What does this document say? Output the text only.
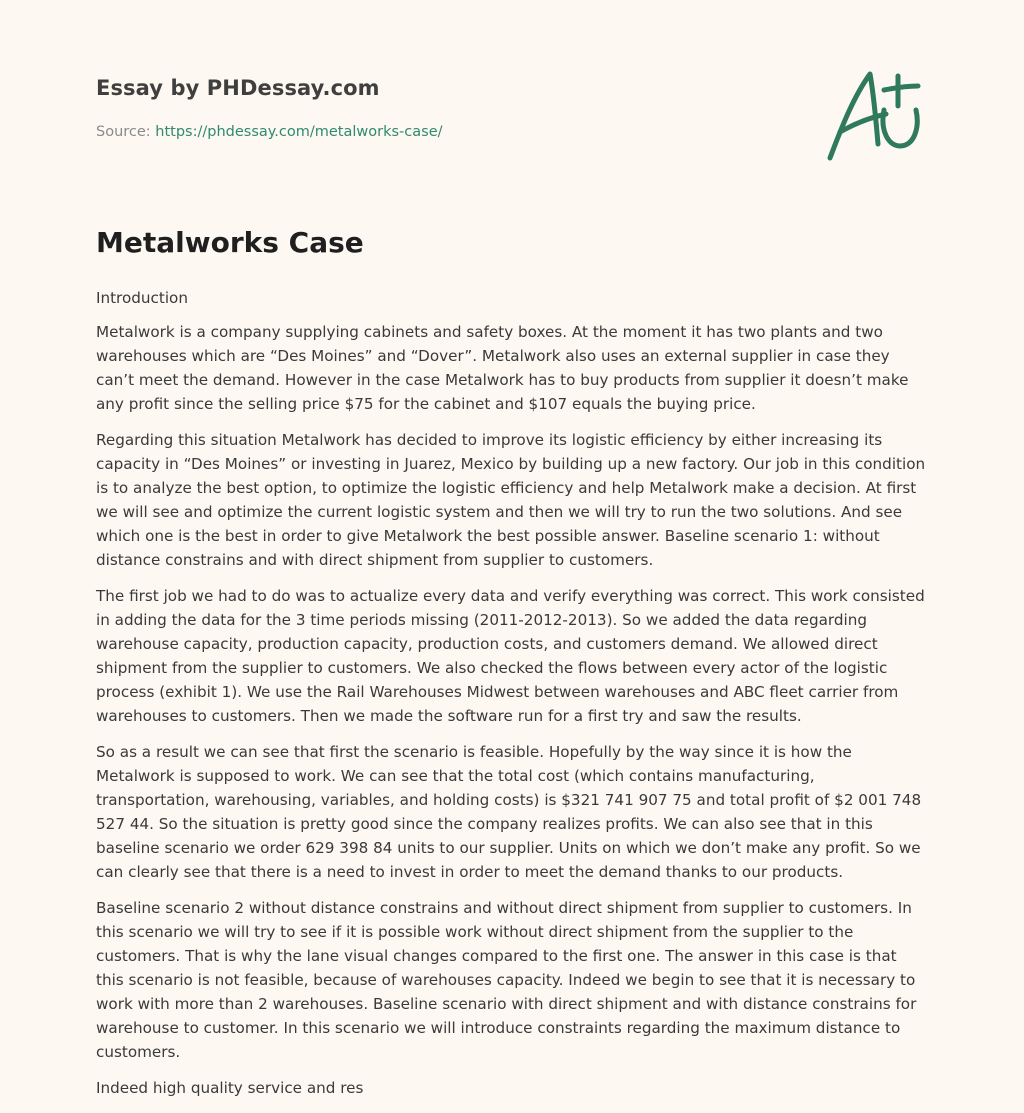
Essay by PHDessay.com
Source: https://phdessay.com/metalworks-case/
Metalworks Case

Introduction

Metalwork is a company supplying cabinets and safety boxes. At the moment it has two plants and two warehouses which are “Des Moines” and “Dover”. Metalwork also uses an external supplier in case they can’t meet the demand. However in the case Metalwork has to buy products from supplier it doesn’t make any profit since the selling price $75 for the cabinet and $107 equals the buying price.

Regarding this situation Metalwork has decided to improve its logistic efficiency by either increasing its capacity in “Des Moines” or investing in Juarez, Mexico by building up a new factory. Our job in this condition is to analyze the best option, to optimize the logistic efficiency and help Metalwork make a decision. At first we will see and optimize the current logistic system and then we will try to run the two solutions. And see which one is the best in order to give Metalwork the best possible answer. Baseline scenario 1: without distance constrains and with direct shipment from supplier to customers.

The first job we had to do was to actualize every data and verify everything was correct. This work consisted in adding the data for the 3 time periods missing (2011-2012-2013). So we added the data regarding warehouse capacity, production capacity, production costs, and customers demand. We allowed direct shipment from the supplier to customers. We also checked the flows between every actor of the logistic process (exhibit 1). We use the Rail Warehouses Midwest between warehouses and ABC fleet carrier from warehouses to customers. Then we made the software run for a first try and saw the results.

So as a result we can see that first the scenario is feasible. Hopefully by the way since it is how the Metalwork is supposed to work. We can see that the total cost (which contains manufacturing, transportation, warehousing, variables, and holding costs) is $321 741 907 75 and total profit of $2 001 748 527 44. So the situation is pretty good since the company realizes profits. We can also see that in this baseline scenario we order 629 398 84 units to our supplier. Units on which we don’t make any profit. So we can clearly see that there is a need to invest in order to meet the demand thanks to our products.

Baseline scenario 2 without distance constrains and without direct shipment from supplier to customers. In this scenario we will try to see if it is possible work without direct shipment from the supplier to the customers. That is why the lane visual changes compared to the first one. The answer in this case is that this scenario is not feasible, because of warehouses capacity. Indeed we begin to see that it is necessary to work with more than 2 warehouses. Baseline scenario with direct shipment and with distance constrains for warehouse to customer. In this scenario we will introduce constraints regarding the maximum distance to customers.

Indeed high quality service and res
